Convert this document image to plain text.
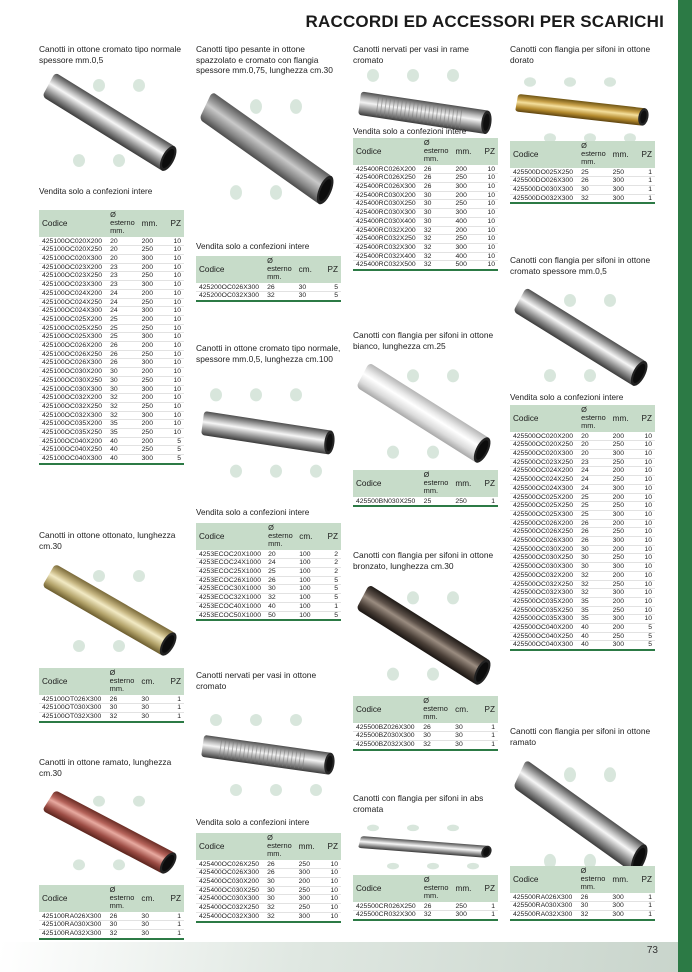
RACCORDI ED ACCESSORI PER SCARICHI
73
Canotti in ottone cromato tipo normale
spessore mm.0,5
Vendita solo a confezioni intere
Codice	Ø
esterno
mm.	mm.	PZ
425100OC020X200	20	200	10
425100OC020X250	20	250	10
425100OC020X300	20	300	10
425100OC023X200	23	200	10
425100OC023X250	23	250	10
425100OC023X300	23	300	10
425100OC024X200	24	200	10
425100OC024X250	24	250	10
425100OC024X300	24	300	10
425100OC025X200	25	200	10
425100OC025X250	25	250	10
425100OC025X300	25	300	10
425100OC026X200	26	200	10
425100OC026X250	26	250	10
425100OC026X300	26	300	10
425100OC030X200	30	200	10
425100OC030X250	30	250	10
425100OC030X300	30	300	10
425100OC032X200	32	200	10
425100OC032X250	32	250	10
425100OC032X300	32	300	10
425100OC035X200	35	200	10
425100OC035X250	35	250	10
425100OC040X200	40	200	5
425100OC040X250	40	250	5
425100OC040X300	40	300	5
Canotti in ottone ottonato, lunghezza
cm.30
Codice	Ø
esterno
mm.	cm.	PZ
425100OT026X300	26	30	1
425100OT030X300	30	30	1
425100OT032X300	32	30	1
Canotti in ottone ramato, lunghezza
cm.30
Codice	Ø
esterno
mm.	cm.	PZ
425100RA026X300	26	30	1
425100RA030X300	30	30	1
425100RA032X300	32	30	1
Canotti tipo pesante in ottone
spazzolato e cromato con flangia
spessore mm.0,75, lunghezza cm.30
Vendita solo a confezioni intere
Codice	Ø
esterno
mm.	cm.	PZ
425200OC026X300	26	30	5
425200OC032X300	32	30	5
Canotti in ottone cromato tipo normale,
spessore mm.0,5, lunghezza cm.100
Vendita solo a confezioni intere
Codice	Ø
esterno
mm.	cm.	PZ
4253ECOC20X1000	20	100	2
4253ECOC24X1000	24	100	2
4253ECOC25X1000	25	100	2
4253ECOC26X1000	26	100	5
4253ECOC30X1000	30	100	5
4253ECOC32X1000	32	100	5
4253ECOC40X1000	40	100	1
4253ECOC50X1000	50	100	5
Canotti nervati per vasi in ottone
cromato
Vendita solo a confezioni intere
Codice	Ø
esterno
mm.	mm.	PZ
425400OC026X250	26	250	10
425400OC026X300	26	300	10
425400OC030X200	30	200	10
425400OC030X250	30	250	10
425400OC030X300	30	300	10
425400OC032X250	32	250	10
425400OC032X300	32	300	10
Canotti nervati per vasi in rame cromato
Vendita solo a confezioni intere
Codice	Ø
esterno
mm.	mm.	PZ
425400RC026X200	26	200	10
425400RC026X250	26	250	10
425400RC026X300	26	300	10
425400RC030X200	30	200	10
425400RC030X250	30	250	10
425400RC030X300	30	300	10
425400RC030X400	30	400	10
425400RC032X200	32	200	10
425400RC032X250	32	250	10
425400RC032X300	32	300	10
425400RC032X400	32	400	10
425400RC032X500	32	500	10
Canotti con flangia per sifoni in ottone
bianco, lunghezza cm.25
Codice	Ø
esterno
mm.	mm.	PZ
425500BN030X250	25	250	1
Canotti con flangia per sifoni in ottone
bronzato, lunghezza cm.30
Codice	Ø
esterno
mm.	cm.	PZ
425500BZ026X300	26	30	1
425500BZ030X300	30	30	1
425500BZ032X300	32	30	1
Canotti con flangia per sifoni in abs
cromata
Codice	Ø
esterno
mm.	mm.	PZ
425500CR026X250	26	250	1
425500CR032X300	32	300	1
Canotti con flangia per sifoni in ottone
dorato
Codice	Ø
esterno
mm.	mm.	PZ
425500DO025X250	25	250	1
425500DO026X300	26	300	1
425500DO030X300	30	300	1
425500DO032X300	32	300	1
Canotti con flangia per sifoni in ottone
cromato spessore mm.0,5
Vendita solo a confezioni intere
Codice	Ø
esterno
mm.	mm.	PZ
425500OC020X200	20	200	10
425500OC020X250	20	250	10
425500OC020X300	20	300	10
425500OC023X250	23	250	10
425500OC024X200	24	200	10
425500OC024X250	24	250	10
425500OC024X300	24	300	10
425500OC025X200	25	200	10
425500OC025X250	25	250	10
425500OC025X300	25	300	10
425500OC026X200	26	200	10
425500OC026X250	26	250	10
425500OC026X300	26	300	10
425500OC030X200	30	200	10
425500OC030X250	30	250	10
425500OC030X300	30	300	10
425500OC032X200	32	200	10
425500OC032X250	32	250	10
425500OC032X300	32	300	10
425500OC035X200	35	200	10
425500OC035X250	35	250	10
425500OC035X300	35	300	10
425500OC040X200	40	200	5
425500OC040X250	40	250	5
425500OC040X300	40	300	5
Canotti con flangia per sifoni in ottone
ramato
Codice	Ø
esterno
mm.	mm.	PZ
425500RA026X300	26	300	1
425500RA030X300	30	300	1
425500RA032X300	32	300	1
